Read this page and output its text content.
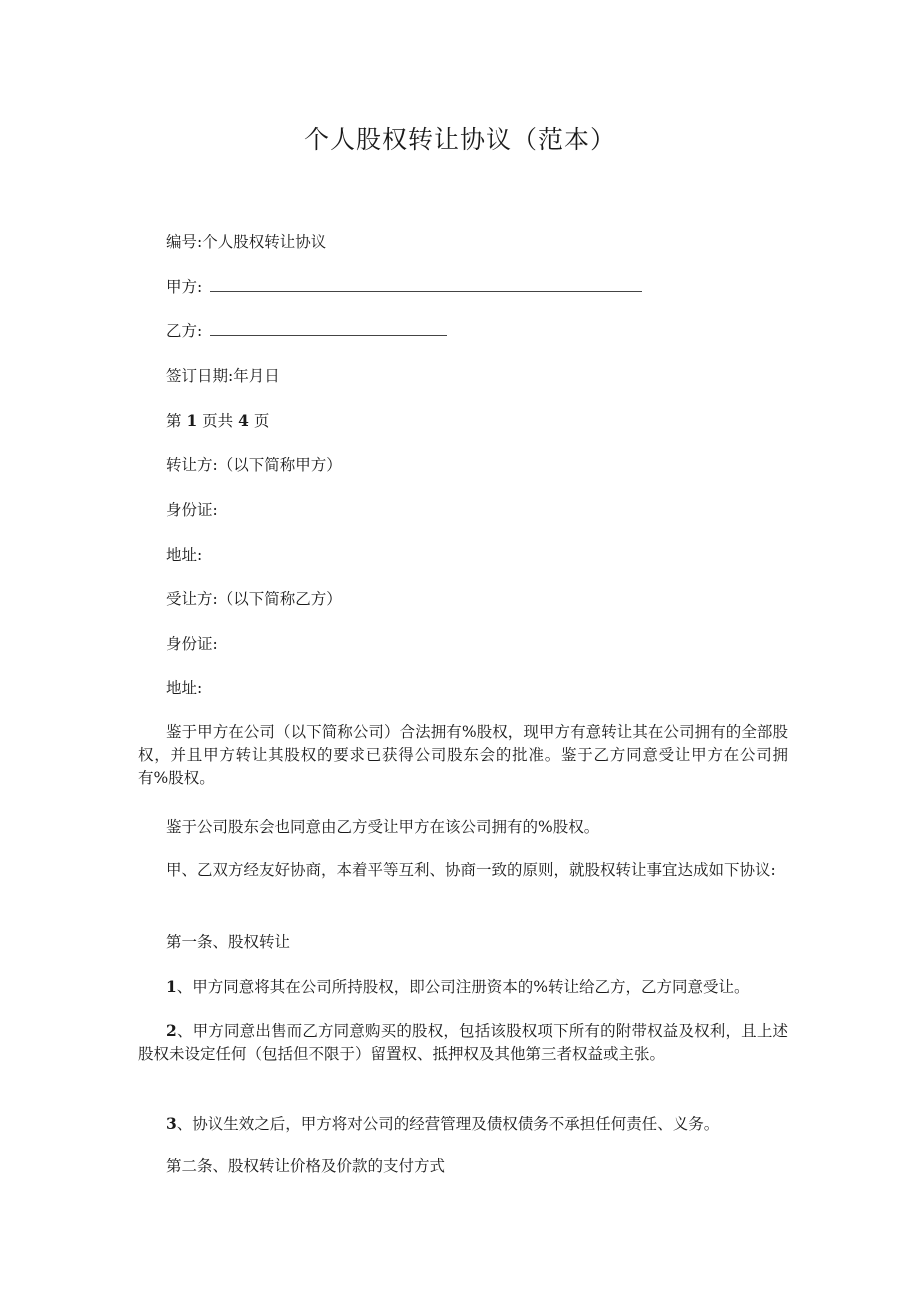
个人股权转让协议（范本）
编号:个人股权转让协议
甲方:
乙方:
签订日期:年月日
第 1 页共 4 页
转让方:（以下简称甲方）
身份证:
地址:
受让方:（以下简称乙方）
身份证:
地址:
鉴于甲方在公司（以下简称公司）合法拥有%股权，现甲方有意转让其在公司拥有的全部股权，并且甲方转让其股权的要求已获得公司股东会的批准。鉴于乙方同意受让甲方在公司拥有%股权。
鉴于公司股东会也同意由乙方受让甲方在该公司拥有的%股权。
甲、乙双方经友好协商，本着平等互利、协商一致的原则，就股权转让事宜达成如下协议:
第一条、股权转让
1、甲方同意将其在公司所持股权，即公司注册资本的%转让给乙方，乙方同意受让。
2、甲方同意出售而乙方同意购买的股权，包括该股权项下所有的附带权益及权利，且上述股权未设定任何（包括但不限于）留置权、抵押权及其他第三者权益或主张。
3、协议生效之后，甲方将对公司的经营管理及债权债务不承担任何责任、义务。
第二条、股权转让价格及价款的支付方式
